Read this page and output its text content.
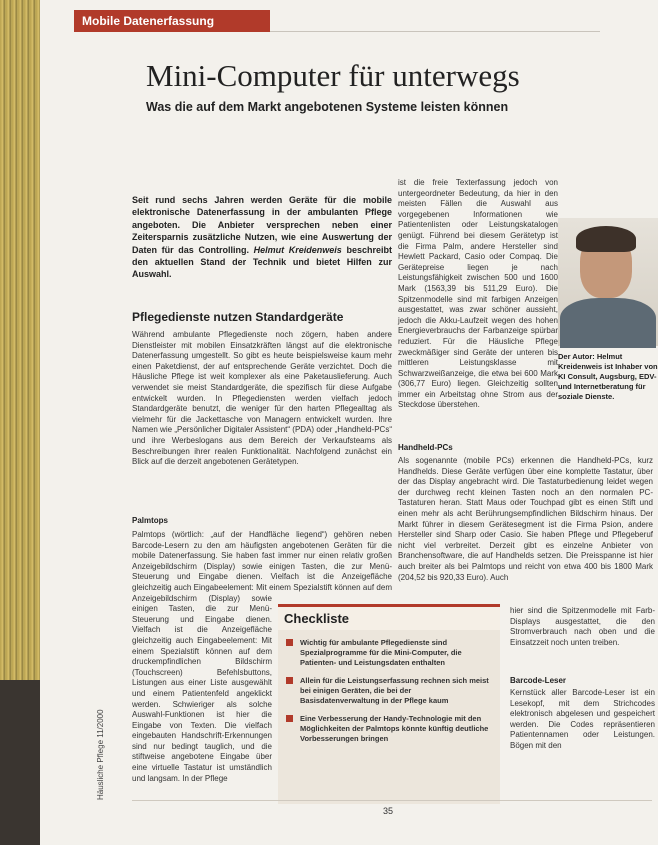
Mobile Datenerfassung
Mini-Computer für unterwegs
Was die auf dem Markt angebotenen Systeme leisten können
Seit rund sechs Jahren werden Geräte für die mobile elektronische Datenerfassung in der ambulanten Pflege angeboten. Die Anbieter versprechen neben einer Zeitersparnis zusätzliche Nutzen, wie eine Auswertung der Daten für das Controlling. Helmut Kreidenweis beschreibt den aktuellen Stand der Technik und bietet Hilfen zur Auswahl.
Pflegedienste nutzen Standardgeräte
Während ambulante Pflegedienste noch zögern, haben andere Dienstleister mit mobilen Einsatzkräften längst auf die elektronische Datenerfassung umgestellt. So gibt es heute beispielsweise kaum mehr einen Paketdienst, der auf entsprechende Geräte verzichtet. Doch die Häusliche Pflege ist weit komplexer als eine Paketauslieferung. Auch verwendet sie meist Standardgeräte, die spezifisch für diese Aufgabe entwickelt wurden. In Pflegediensten werden vielfach jedoch Standardgeräte benutzt, die weniger für den harten Pflegealltag als vielmehr für die Jackettasche von Managern entwickelt wurden. Ihre Namen wie „Persönlicher Digitaler Assistent“ (PDA) oder „Handheld-PCs“ und ihre Werbeslogans aus dem Bereich der Verkaufsteams als Beschreibungen ihrer realen Funktionalität. Nachfolgend zunächst ein Blick auf die derzeit angebotenen Gerätetypen.
Palmtops
Palmtops (wörtlich: „auf der Handfläche liegend“) gehören neben Barcode-Lesern zu den am häufigsten angebotenen Geräten für die mobile Datenerfassung. Sie haben fast immer nur einen relativ großen Anzeigebildschirm (Display) sowie einigen Tasten, die zur Menü-Steuerung und Eingabe dienen. Vielfach ist die Anzeigefläche gleichzeitig auch Eingabeelement: Mit einem Spezialstift können auf dem
Anzeigebildschirm (Display) sowie einigen Tasten, die zur Menü-Steuerung und Eingabe dienen. Vielfach ist die Anzeigefläche gleichzeitig auch Eingabeelement: Mit einem Spezialstift können auf dem druckempfindlichen Bildschirm (Touchscreen) Befehlsbuttons, Listungen aus einer Liste ausgewählt und einem Patientenfeld angeklickt werden. Schwieriger als solche Auswahl-Funktionen ist hier die Eingabe von Texten. Die vielfach eingebauten Handschrift-Erkennungen sind nur bedingt tauglich, und die stiftweise angebotene Eingabe über eine virtuelle Tastatur ist umständlich und langsam. In der Pflege
ist die freie Texterfassung jedoch von untergeordneter Bedeutung, da hier in den meisten Fällen die Auswahl aus vorgegebenen Informationen wie Patientenlisten oder Leistungskatalogen genügt. Führend bei diesem Gerätetyp ist die Firma Palm, andere Hersteller sind Hewlett Packard, Casio oder Compaq. Die Gerätepreise liegen je nach Leistungsfähigkeit zwischen 500 und 1600 Mark (1563,39 bis 511,29 Euro). Die Spitzenmodelle sind mit farbigen Anzeigen ausgestattet, was zwar schöner aussieht, jedoch die Akku-Laufzeit wegen des hohen Energieverbrauchs der Farbanzeige spürbar reduziert. Für die Häusliche Pflege zweckmäßiger sind Geräte der unteren bis mittleren Leistungsklasse mit Schwarzweißanzeige, die etwa bei 600 Mark (306,77 Euro) liegen. Gleichzeitig sollten immer ein Arbeitstag ohne Strom aus der Steckdose überstehen.
Handheld-PCs
Als sogenannte (mobile PCs) erkennen die Handheld-PCs, kurz Handhelds. Diese Geräte verfügen über eine komplette Tastatur, über der das Display angebracht wird. Die Tastaturbedienung leidet wegen der durchweg recht kleinen Tasten noch an den normalen PC-Tastaturen heran. Statt Maus oder Touchpad gibt es einen Stift und einen mehr als acht Berührungsempfindlichen Bildschirm hinaus. Der Markt führer in diesem Gerätesegment ist die Firma Psion, andere Hersteller sind Sharp oder Casio. Sie haben Pflege und Pflegeberuf nicht viel verbreitet. Derzeit gibt es einzelne Anbieter von Branchensoftware, die auf Handhelds setzen. Die Preisspanne ist hier auch breiter als bei Palmtops und reicht von etwa 400 bis 1800 Mark (204,52 bis 920,33 Euro). Auch
Der Autor: Helmut Kreidenweis ist Inhaber von KI Consult, Augsburg, EDV- und Internetberatung für soziale Dienste.
hier sind die Spitzenmodelle mit Farb-Displays ausgestattet, die den Stromverbrauch nach oben und die Einsatzzeit noch unten treiben.
Barcode-Leser
Kernstück aller Barcode-Leser ist ein Lesekopf, mit dem Strichcodes elektronisch abgelesen und gespeichert werden. Die Codes repräsentieren Patientennamen oder Leistungen. Bögen mit den
Checkliste
Wichtig für ambulante Pflegedienste sind Spezialprogramme für die Mini-Computer, die Patienten- und Leistungsdaten enthalten
Allein für die Leistungserfassung rechnen sich meist bei einigen Geräten, die bei der Basisdatenverwaltung in der Pflege kaum
Eine Verbesserung der Handy-Technologie mit den Möglichkeiten der Palmtops könnte künftig deutliche Vorbesserungen bringen
Häusliche Pflege 11/2000
35
